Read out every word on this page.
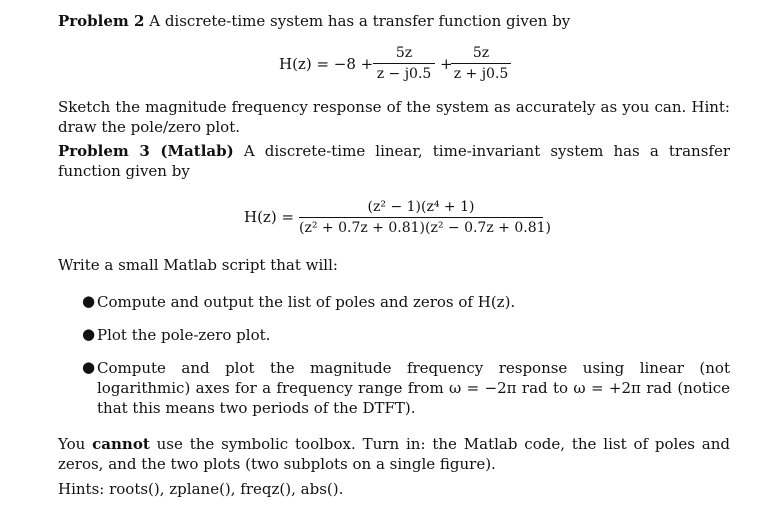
Problem 2 A discrete-time system has a transfer function given by
H(z) = −8 +
5z
z − j0.5
+
5z
z + j0.5
Sketch the magnitude frequency response of the system as accurately as you can. Hint: draw the pole/zero plot.
Problem 3 (Matlab) A discrete-time linear, time-invariant system has a transfer function given by
H(z) =
(z² − 1)(z⁴ + 1)
(z² + 0.7z + 0.81)(z² − 0.7z + 0.81)
Write a small Matlab script that will:
● Compute and output the list of poles and zeros of H(z).
● Plot the pole-zero plot.
● Compute and plot the magnitude frequency response using linear (not logarithmic) axes for a frequency range from ω = −2π rad to ω = +2π rad (notice that this means two periods of the DTFT).
You cannot use the symbolic toolbox. Turn in: the Matlab code, the list of poles and zeros, and the two plots (two subplots on a single figure).
Hints: roots(), zplane(), freqz(), abs().
